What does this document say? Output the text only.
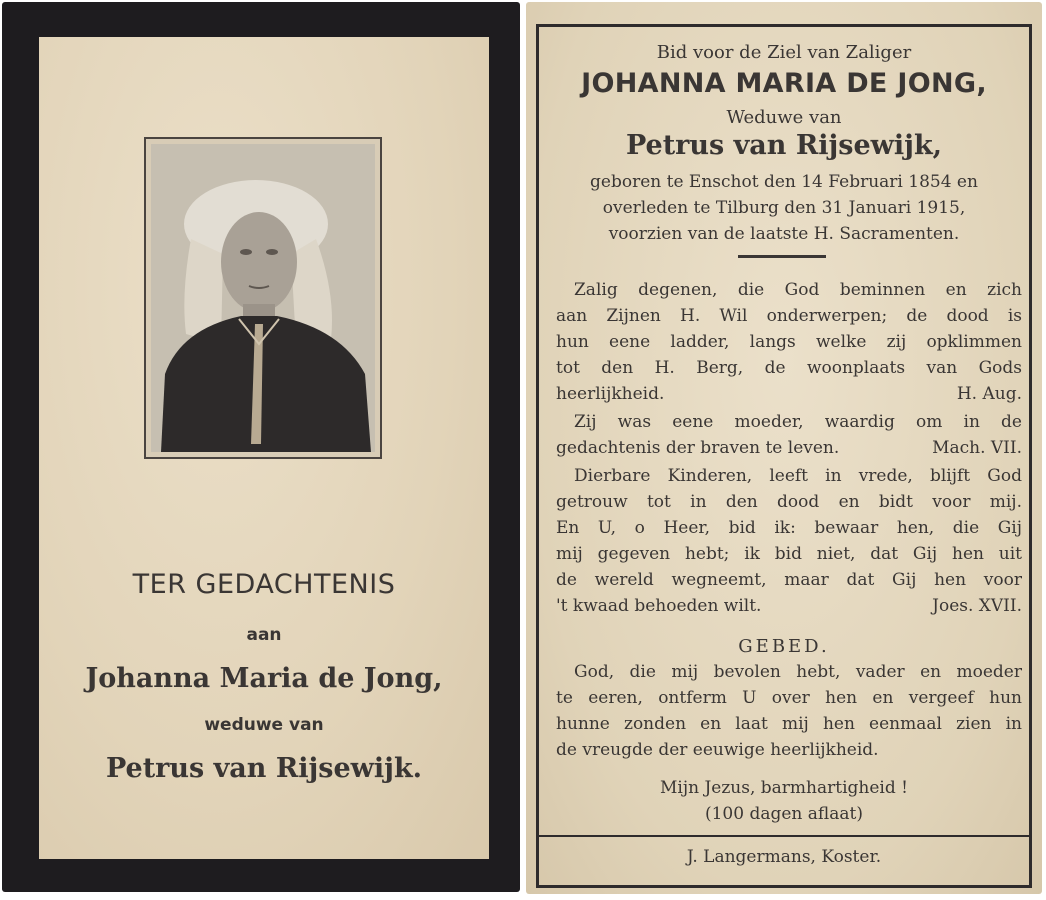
TER GEDACHTENIS
aan
Johanna Maria de Jong,
weduwe van
Petrus van Rijsewijk.
Bid voor de Ziel van Zaliger
JOHANNA MARIA DE JONG,
Weduwe van
Petrus van Rijsewijk,
geboren te Enschot den 14 Februari 1854 en
overleden te Tilburg den 31 Januari 1915,
voorzien van de laatste H. Sacramenten.
Zalig degenen, die God beminnen en zich
aan Zijnen H. Wil onderwerpen; de dood is
hun eene ladder, langs welke zij opklimmen
tot den H. Berg, de woonplaats van Gods
heerlijkheid.	H. Aug.
Zij was eene moeder, waardig om in de
gedachtenis der braven te leven.	Mach. VII.
Dierbare Kinderen, leeft in vrede, blijft God
getrouw tot in den dood en bidt voor mij.
En U, o Heer, bid ik: bewaar hen, die Gij
mij gegeven hebt; ik bid niet, dat Gij hen uit
de wereld wegneemt, maar dat Gij hen voor
't kwaad behoeden wilt.	Joes. XVII.
GEBED.
God, die mij bevolen hebt, vader en moeder
te eeren, ontferm U over hen en vergeef hun
hunne zonden en laat mij hen eenmaal zien in
de vreugde der eeuwige heerlijkheid.
Mijn Jezus, barmhartigheid !
(100 dagen aflaat)
J. Langermans, Koster.
